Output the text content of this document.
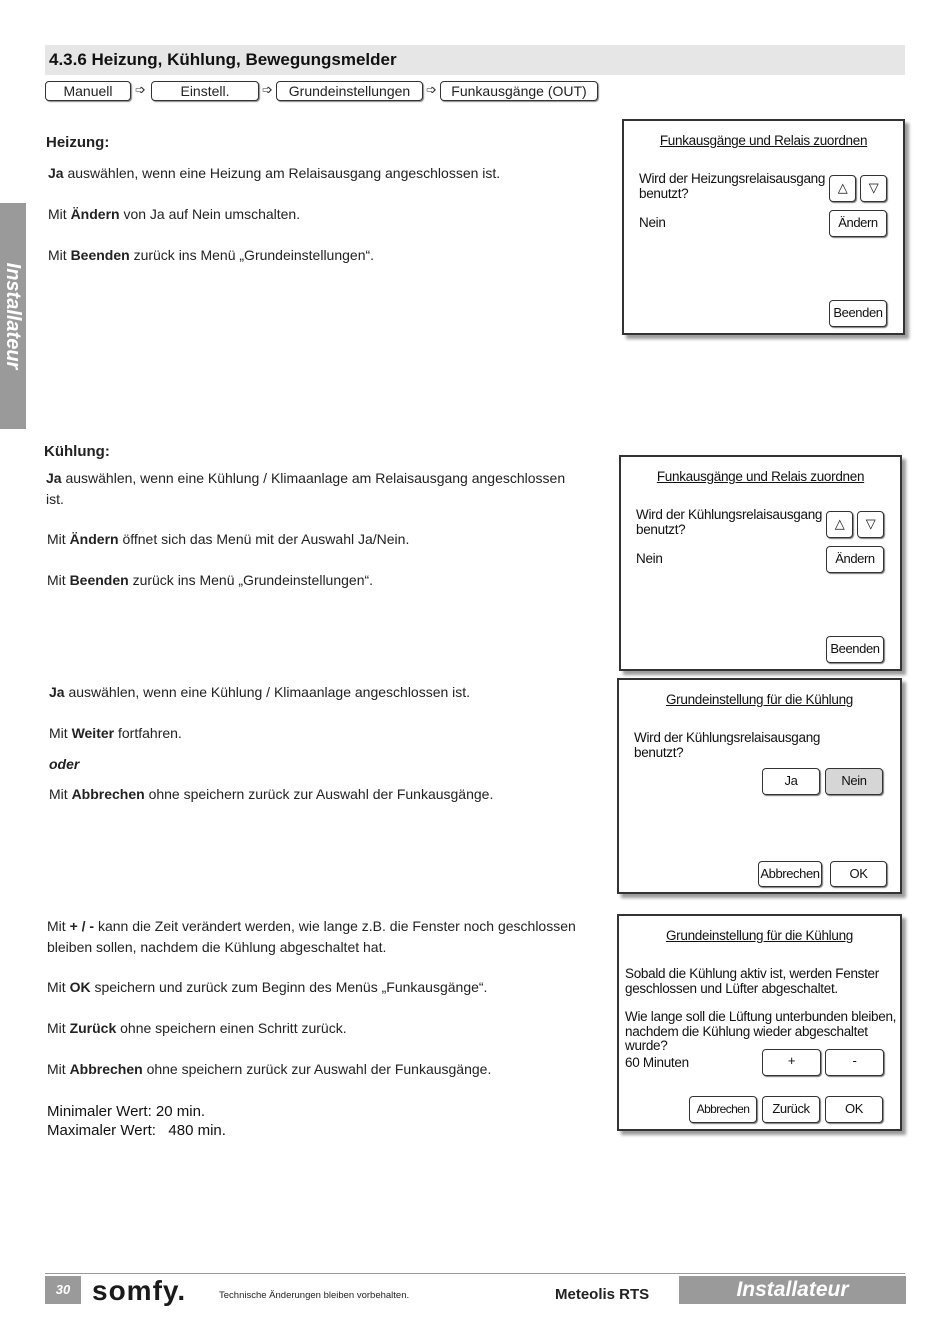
4.3.6 Heizung, Kühlung, Bewegungsmelder
Manuell	➩	Einstell.	➩	Grundeinstellungen	➩	Funkausgänge (OUT)
Installateur
Heizung:
Ja auswählen, wenn eine Heizung am Relaisausgang angeschlossen ist.
Mit Ändern von Ja auf Nein umschalten.
Mit Beenden zurück ins Menü „Grundeinstellungen“.
Funkausgänge und Relais zuordnen
Wird der Heizungsrelaisausgang
benutzt?
Nein
△	▽
Ändern
Beenden
Kühlung:
Ja auswählen, wenn eine Kühlung / Klimaanlage am Relaisausgang angeschlossen
ist.
Mit Ändern öffnet sich das Menü mit der Auswahl Ja/Nein.
Mit Beenden zurück ins Menü „Grundeinstellungen“.
Funkausgänge und Relais zuordnen
Wird der Kühlungsrelaisausgang
benutzt?
Nein
△	▽
Ändern
Beenden
Ja auswählen, wenn eine Kühlung / Klimaanlage angeschlossen ist.
Mit Weiter fortfahren.
oder
Mit Abbrechen ohne speichern zurück zur Auswahl der Funkausgänge.
Grundeinstellung für die Kühlung
Wird der Kühlungsrelaisausgang
benutzt?
Ja	Nein
Abbrechen	OK
Mit + / - kann die Zeit verändert werden, wie lange z.B. die Fenster noch geschlossen
bleiben sollen, nachdem die Kühlung abgeschaltet hat.
Mit OK speichern und zurück zum Beginn des Menüs „Funkausgänge“.
Mit Zurück ohne speichern einen Schritt zurück.
Mit Abbrechen ohne speichern zurück zur Auswahl der Funkausgänge.
Minimaler Wert: 20 min.
Maximaler Wert:   480 min.
Grundeinstellung für die Kühlung
Sobald die Kühlung aktiv ist, werden Fenster
geschlossen und Lüfter abgeschaltet.
Wie lange soll die Lüftung unterbunden bleiben,
nachdem die Kühlung wieder abgeschaltet wurde?
60 Minuten	+	-
Abbrechen	Zurück	OK
30 somfy.	Technische Änderungen bleiben vorbehalten.	Meteolis RTS	Installateur
